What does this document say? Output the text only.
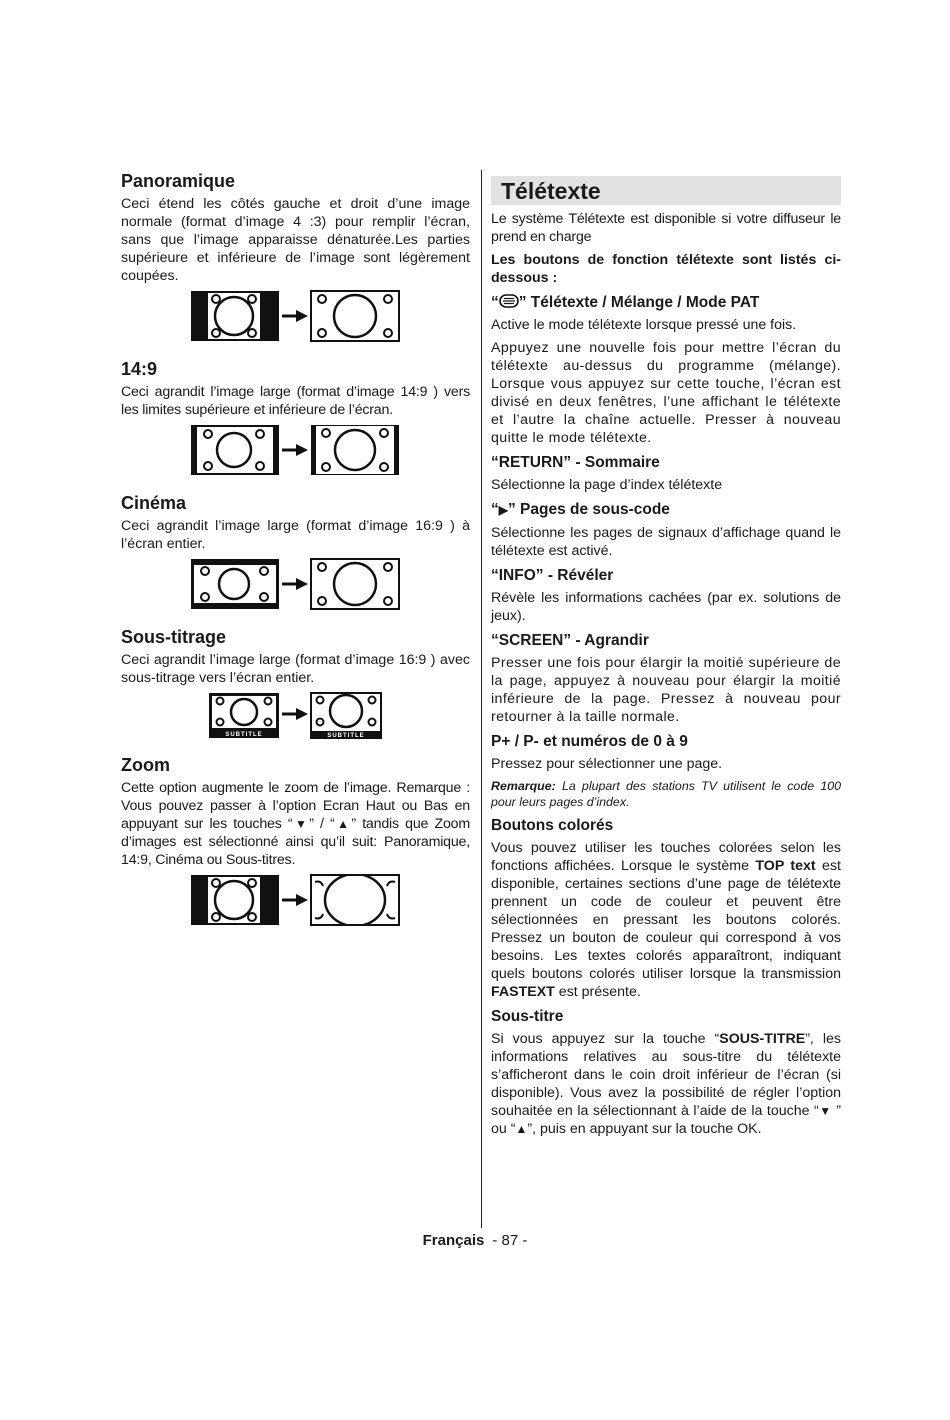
Panoramique

Ceci étend les côtés gauche et droit d’une image normale (format d’image 4 :3) pour remplir l’écran, sans que l’image apparaisse dénaturée.Les parties supérieure et inférieure de l’image sont légèrement coupées.

14:9

Ceci agrandit l’image large (format d’image 14:9 ) vers les limites supérieure et inférieure de l’écran.

Cinéma

Ceci agrandit l’image large (format d’image 16:9 ) à l’écran entier.

Sous-titrage

Ceci agrandit l’image large (format d’image 16:9 ) avec sous-titrage vers l’écran entier.

SUBTITLE	SUBTITLE
Zoom

Cette option augmente le zoom de l’image. Remarque : Vous pouvez passer à l’option Ecran Haut ou Bas en appuyant sur les touches “▼” / “▲” tandis que Zoom d’images est sélectionné ainsi qu’il suit: Panoramique, 14:9, Cinéma ou Sous-titres.

Télétexte

Le système Télétexte est disponible si votre diffuseur le prend en charge

Les boutons de fonction télétexte sont listés ci-dessous :

“ ” Télétexte / Mélange / Mode PAT

Active le mode télétexte lorsque pressé une fois.

Appuyez une nouvelle fois pour mettre l’écran du télétexte au-dessus du programme (mélange). Lorsque vous appuyez sur cette touche, l’écran est divisé en deux fenêtres, l’une affichant le télétexte et l’autre la chaîne actuelle. Presser à nouveau quitte le mode télétexte.

“RETURN” - Sommaire

Sélectionne la page d’index télétexte

“▶” Pages de sous-code

Sélectionne les pages de signaux d’affichage quand le télétexte est activé.

“INFO” - Révéler

Révèle les informations cachées (par ex. solutions de jeux).

“SCREEN” - Agrandir

Presser une fois pour élargir la moitié supérieure de la page, appuyez à nouveau pour élargir la moitié inférieure de la page. Pressez à nouveau pour retourner à la taille normale.

P+ / P- et numéros de 0 à 9

Pressez pour sélectionner une page.

Remarque: La plupart des stations TV utilisent le code 100 pour leurs pages d’index.

Boutons colorés

Vous pouvez utiliser les touches colorées selon les fonctions affichées. Lorsque le système TOP text est disponible, certaines sections d’une page de télétexte prennent un code de couleur et peuvent être sélectionnées en pressant les boutons colorés. Pressez un bouton de couleur qui correspond à vos besoins. Les textes colorés apparaîtront, indiquant quels boutons colorés utiliser lorsque la transmission FASTEXT est présente.

Sous-titre

Si vous appuyez sur la touche “SOUS-TITRE”, les informations relatives au sous-titre du télétexte s’afficheront dans le coin droit inférieur de l’écran (si disponible). Vous avez la possibilité de régler l’option souhaitée en la sélectionnant à l’aide de la touche “▼ ” ou “▲”, puis en appuyant sur la touche OK.

Français - 87 -
